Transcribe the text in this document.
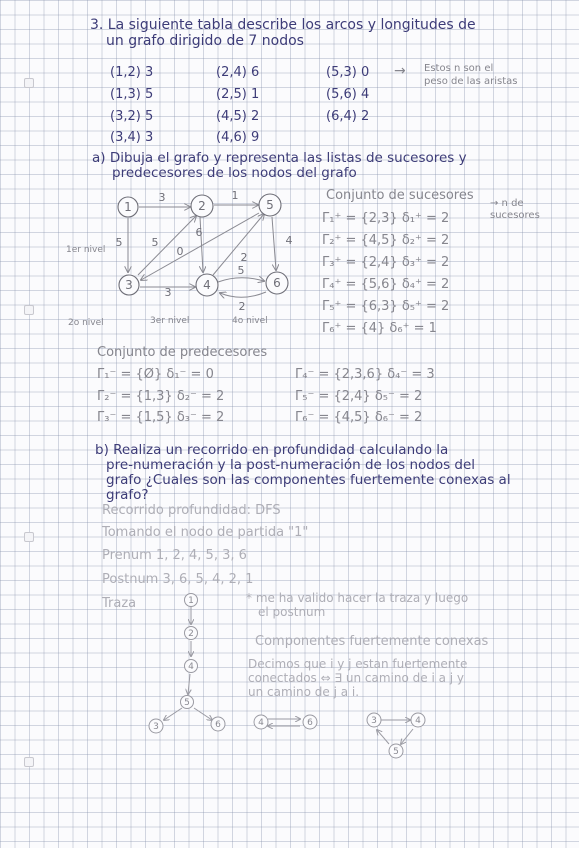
3. La siguiente tabla describe los arcos y longitudes de
un grafo dirigido de 7 nodos
(1,2) 3	(2,4) 6	(5,3) 0
(1,3) 5	(2,5) 1	(5,6) 4
(3,2) 5	(4,5) 2	(6,4) 2
(3,4) 3	(4,6) 9
→ Estos n son el
peso de las aristas
a) Dibuja el grafo y representa las listas de sucesores y
predecesores de los nodos del grafo
1	2	5
3	4	6
3	1
5	5
6
0
4
2
3
5
2
1er nivel
2o nivel	3er nivel	4o nivel
Conjunto de sucesores
→ n de sucesores
Γ₁⁺ = {2,3} δ₁⁺ = 2
Γ₂⁺ = {4,5} δ₂⁺ = 2
Γ₃⁺ = {2,4} δ₃⁺ = 2
Γ₄⁺ = {5,6} δ₄⁺ = 2
Γ₅⁺ = {6,3} δ₅⁺ = 2
Γ₆⁺ = {4} δ₆⁺ = 1
Conjunto de predecesores
Γ₁⁻ = {Ø} δ₁⁻ = 0
Γ₂⁻ = {1,3} δ₂⁻ = 2
Γ₃⁻ = {1,5} δ₃⁻ = 2
Γ₄⁻ = {2,3,6} δ₄⁻ = 3
Γ₅⁻ = {2,4} δ₅⁻ = 2
Γ₆⁻ = {4,5} δ₆⁻ = 2
b) Realiza un recorrido en profundidad calculando la
pre-numeración y la post-numeración de los nodos del
grafo ¿Cuales son las componentes fuertemente conexas al
grafo?
Recorrido profundidad: DFS
Tomando el nodo de partida "1"
Prenum 1, 2, 4, 5, 3, 6
Postnum 3, 6, 5, 4, 2, 1
Traza	* me ha valido hacer la traza y luego
el postnum
Componentes fuertemente conexas
Decimos que i y j estan fuertemente
conectados ⇔ ∃ un camino de i a j y
un camino de j a i.
1
2
4
5
3	6	4	6	3	4
5
